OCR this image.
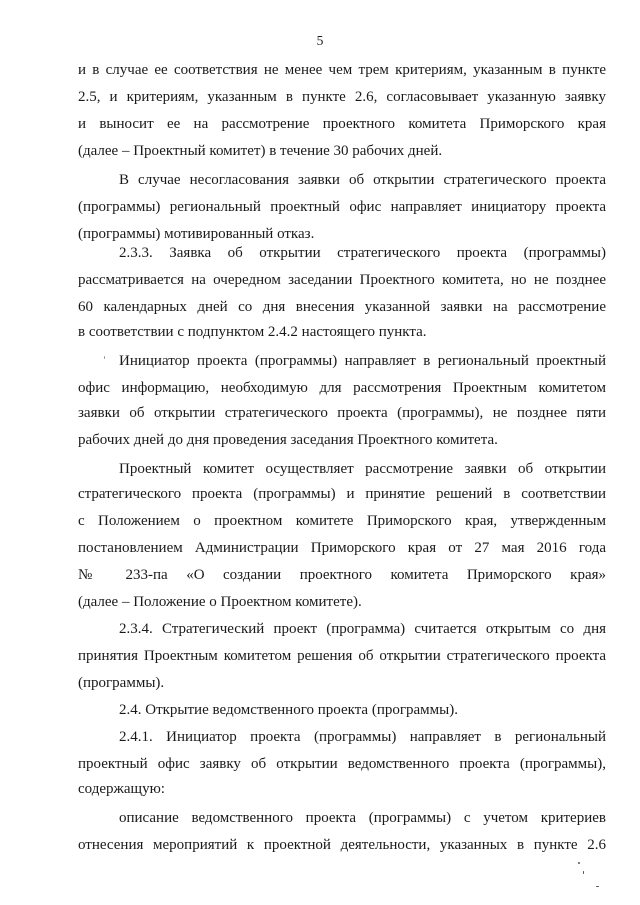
5
и в случае ее соответствия не менее чем трем критериям, указанным в пункте
2.5, и критериям, указанным в пункте 2.6, согласовывает указанную заявку
и выносит ее на рассмотрение проектного комитета Приморского края
(далее – Проектный комитет) в течение 30 рабочих дней.
В случае несогласования заявки об открытии стратегического проекта
(программы) региональный проектный офис направляет инициатору проекта
(программы) мотивированный отказ.
2.3.3. Заявка об открытии стратегического проекта (программы)
рассматривается на очередном заседании Проектного комитета, но не позднее
60 календарных дней со дня внесения указанной заявки на рассмотрение
в соответствии с подпунктом 2.4.2 настоящего пункта.
Инициатор проекта (программы) направляет в региональный проектный
офис информацию, необходимую для рассмотрения Проектным комитетом
заявки об открытии стратегического проекта (программы), не позднее пяти
рабочих дней до дня проведения заседания Проектного комитета.
Проектный комитет осуществляет рассмотрение заявки об открытии
стратегического проекта (программы) и принятие решений в соответствии
с Положением о проектном комитете Приморского края, утвержденным
постановлением Администрации Приморского края от 27 мая 2016 года
№ 233-па «О создании проектного комитета Приморского края»
(далее – Положение о Проектном комитете).
2.3.4. Стратегический проект (программа) считается открытым со дня
принятия Проектным комитетом решения об открытии стратегического проекта
(программы).
2.4. Открытие ведомственного проекта (программы).
2.4.1. Инициатор проекта (программы) направляет в региональный
проектный офис заявку об открытии ведомственного проекта (программы),
содержащую:
описание ведомственного проекта (программы) с учетом критериев
отнесения мероприятий к проектной деятельности, указанных в пункте 2.6
